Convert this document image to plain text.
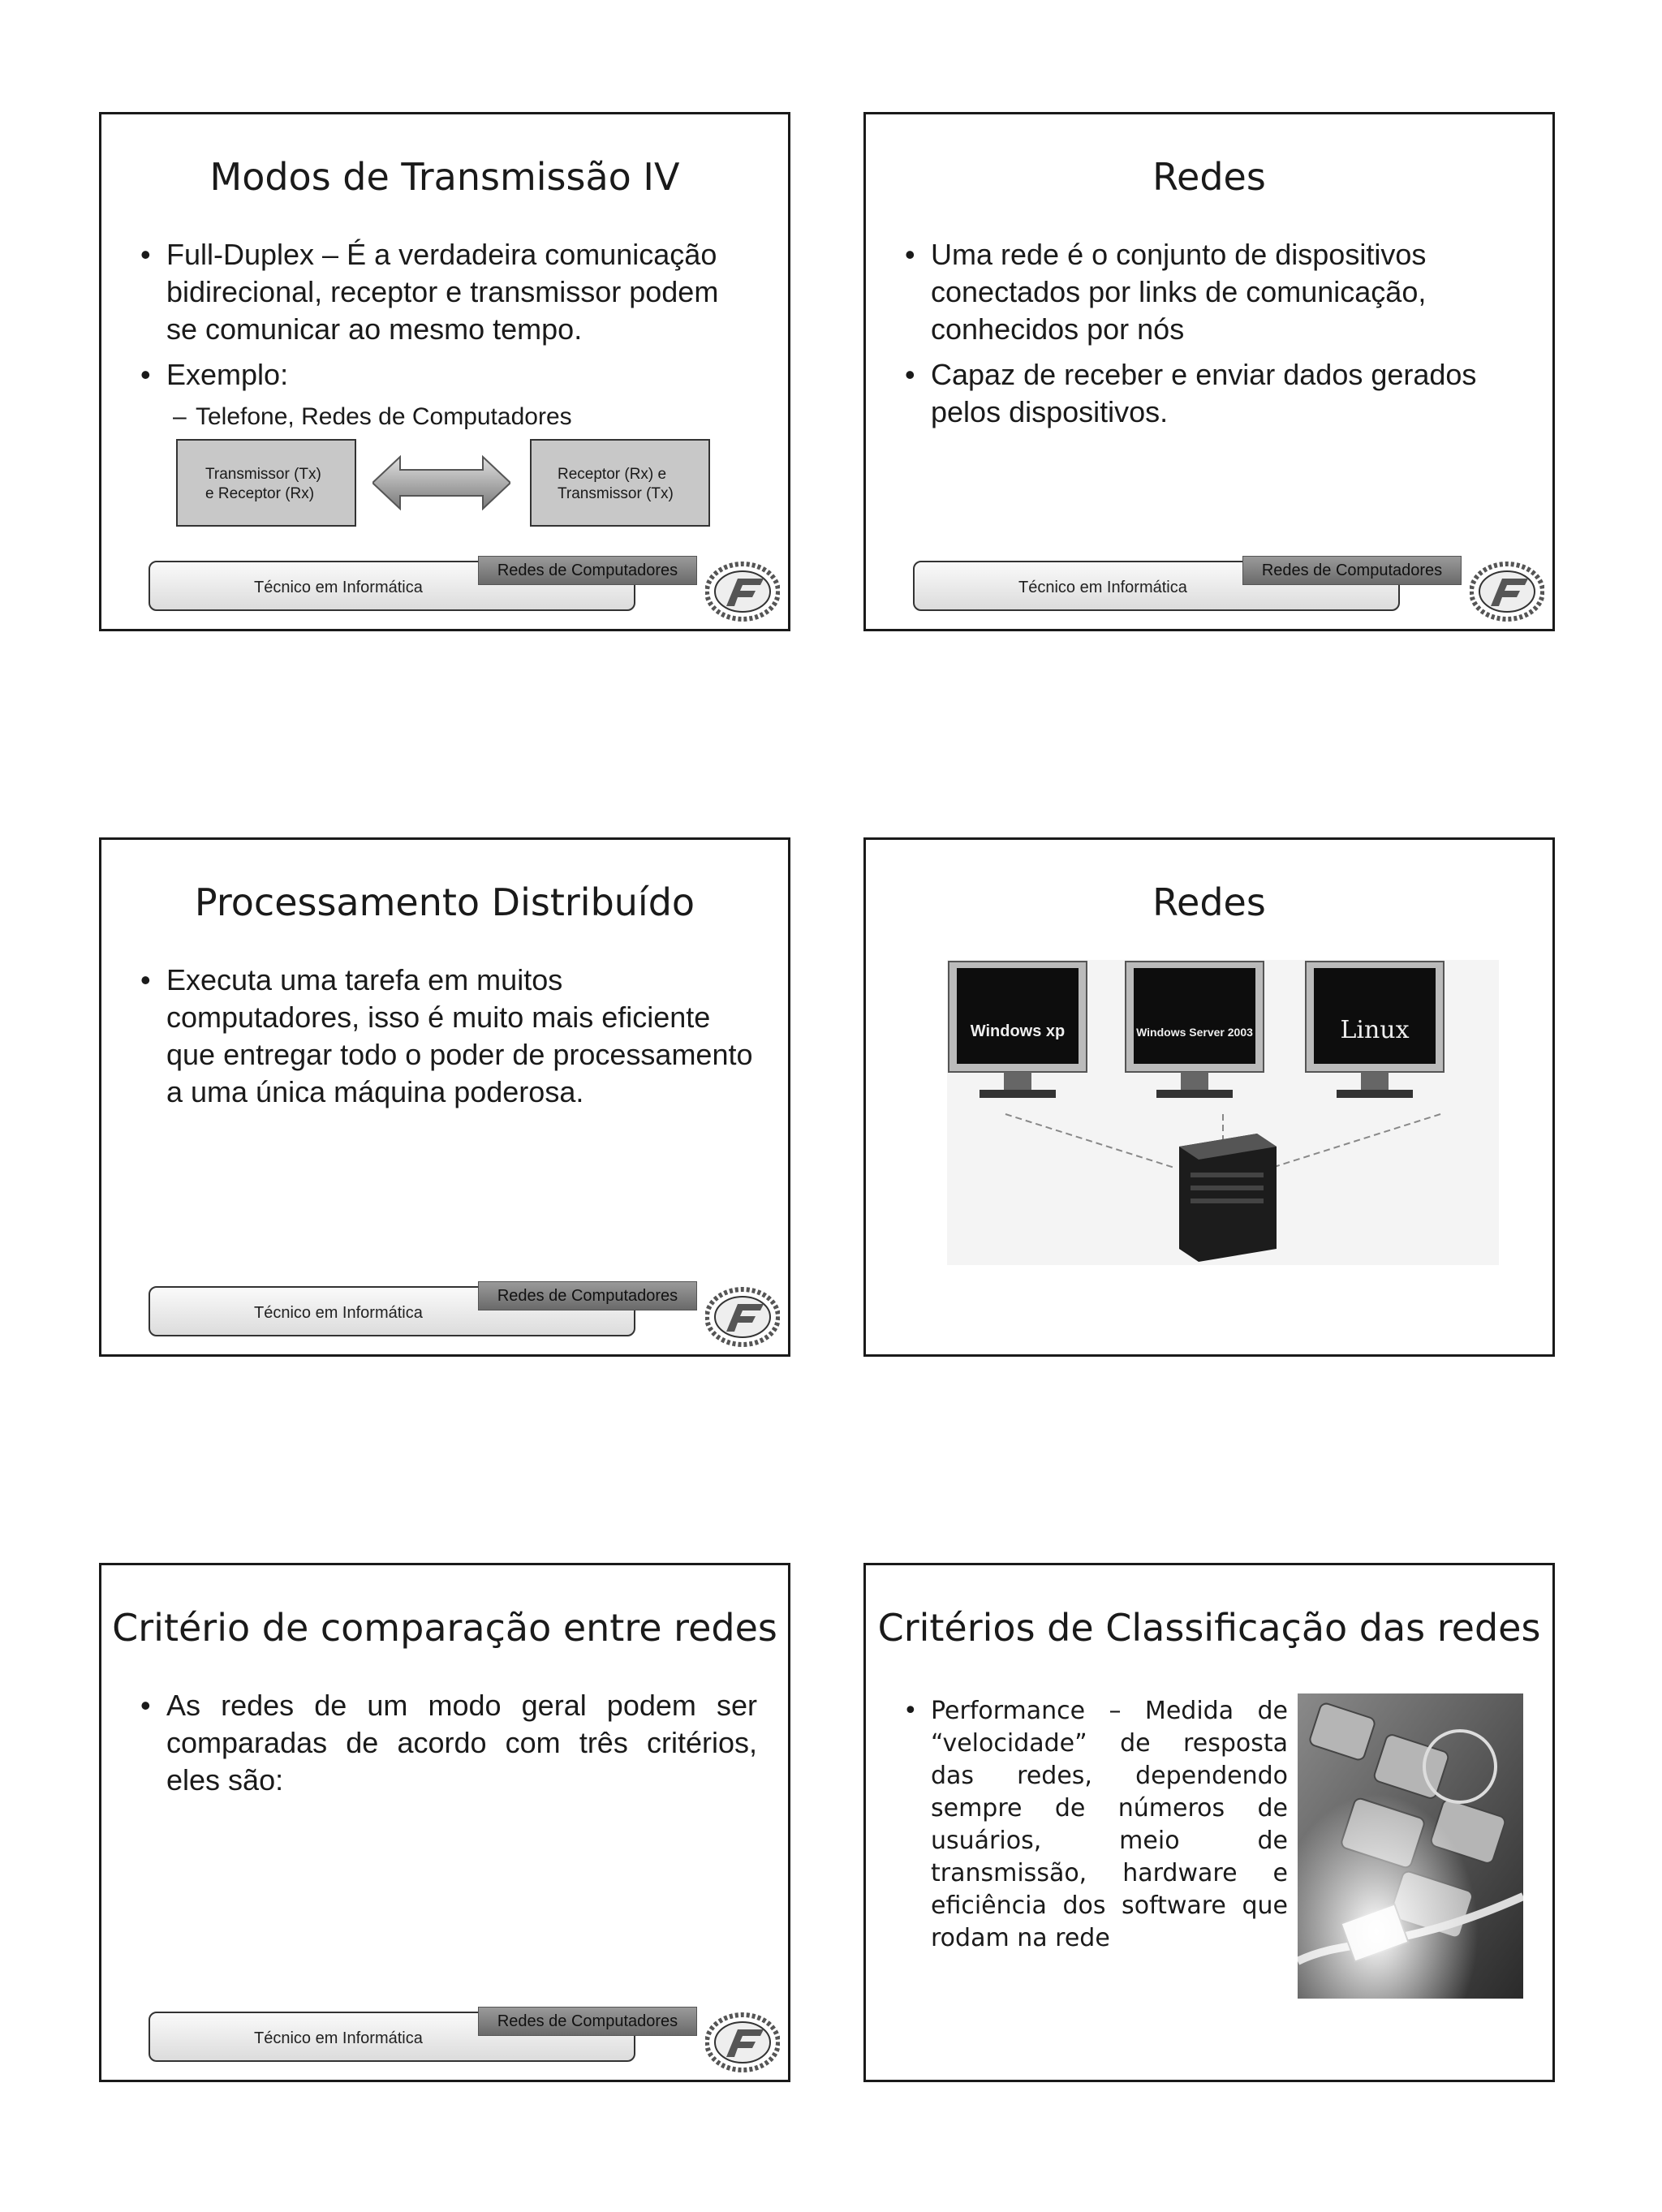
Modos de Transmissão IV
• Full-Duplex – É a verdadeira comunicação bidirecional, receptor e transmissor podem se comunicar ao mesmo tempo.
• Exemplo:
– Telefone, Redes de Computadores
Transmissor (Tx)
e Receptor (Rx)
Receptor (Rx) e
Transmissor (Tx)
Técnico em Informática
Redes de Computadores
Redes
• Uma rede é o conjunto de dispositivos conectados por links de comunicação, conhecidos por nós
• Capaz de receber e enviar dados gerados pelos dispositivos.
Técnico em Informática
Redes de Computadores
Processamento Distribuído
• Executa uma tarefa em muitos computadores, isso é muito mais eficiente que entregar todo o poder de processamento a uma única máquina poderosa.
Técnico em Informática
Redes de Computadores
Redes
Windows xp	Windows Server 2003	Linux
Critério de comparação entre redes
• As redes de um modo geral podem ser comparadas de acordo com três critérios, eles são:
Técnico em Informática
Redes de Computadores
Critérios de Classificação das redes
• Performance – Medida de “velocidade” de resposta das redes, dependendo sempre de números de usuários, meio de transmissão, hardware e eficiência dos software que rodam na rede
